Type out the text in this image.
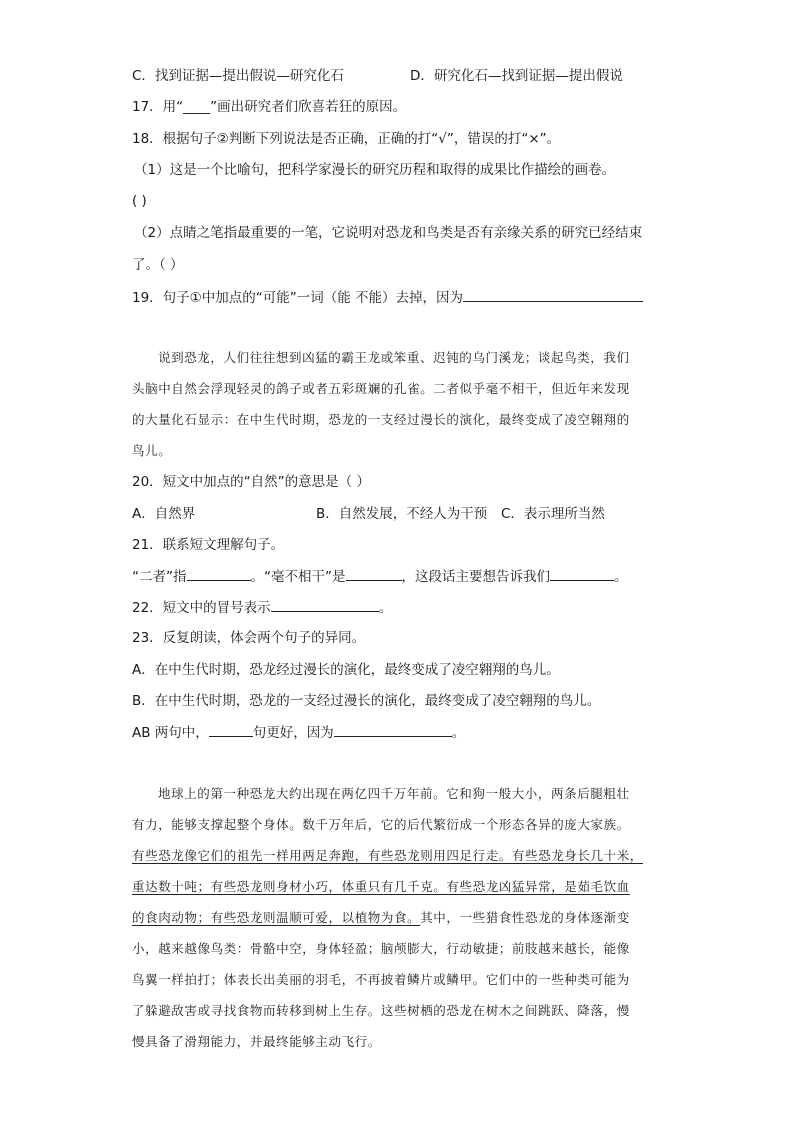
C．找到证据—提出假说—研究化石	D．研究化石—找到证据—提出假说
17．用“____”画出研究者们欣喜若狂的原因。
18．根据句子②判断下列说法是否正确，正确的打“√”，错误的打“×”。
（1）这是一个比喻句，把科学家漫长的研究历程和取得的成果比作描绘的画卷。
( )
（2）点睛之笔指最重要的一笔，它说明对恐龙和鸟类是否有亲缘关系的研究已经结束
了。（ ）
19．句子①中加点的“可能”一词（能 不能）去掉，因为
说到恐龙，人们往往想到凶猛的霸王龙或笨重、迟钝的乌门溪龙；谈起鸟类，我们
头脑中自然会浮现轻灵的鸽子或者五彩斑斓的孔雀。二者似乎毫不相干，但近年来发现
的大量化石显示：在中生代时期，恐龙的一支经过漫长的演化，最终变成了凌空翱翔的
鸟儿。
20．短文中加点的“自然”的意思是（ ）
A．自然界	B．自然发展，不经人为干预 C．表示理所当然
21．联系短文理解句子。
“二者”指	。“毫不相干”是	，这段话主要想告诉我们	。
22．短文中的冒号表示	。
23．反复朗读，体会两个句子的异同。
A．在中生代时期，恐龙经过漫长的演化，最终变成了凌空翱翔的鸟儿。
B．在中生代时期，恐龙的一支经过漫长的演化，最终变成了凌空翱翔的鸟儿。
AB 两句中，	句更好，因为	。
地球上的第一种恐龙大约出现在两亿四千万年前。它和狗一般大小，两条后腿粗壮
有力，能够支撑起整个身体。数千万年后，它的后代繁衍成一个形态各异的庞大家族。
有些恐龙像它们的祖先一样用两足奔跑，有些恐龙则用四足行走。有些恐龙身长几十米，
重达数十吨；有些恐龙则身材小巧，体重只有几千克。有些恐龙凶猛异常，是茹毛饮血
的食肉动物；有些恐龙则温顺可爱，以植物为食。其中，一些猎食性恐龙的身体逐渐变
小，越来越像鸟类：骨骼中空，身体轻盈；脑颅膨大，行动敏捷；前肢越来越长，能像
鸟翼一样拍打；体表长出美丽的羽毛，不再披着鳞片或鳞甲。它们中的一些种类可能为
了躲避敌害或寻找食物而转移到树上生存。这些树栖的恐龙在树木之间跳跃、降落，慢
慢具备了滑翔能力，并最终能够主动飞行。
